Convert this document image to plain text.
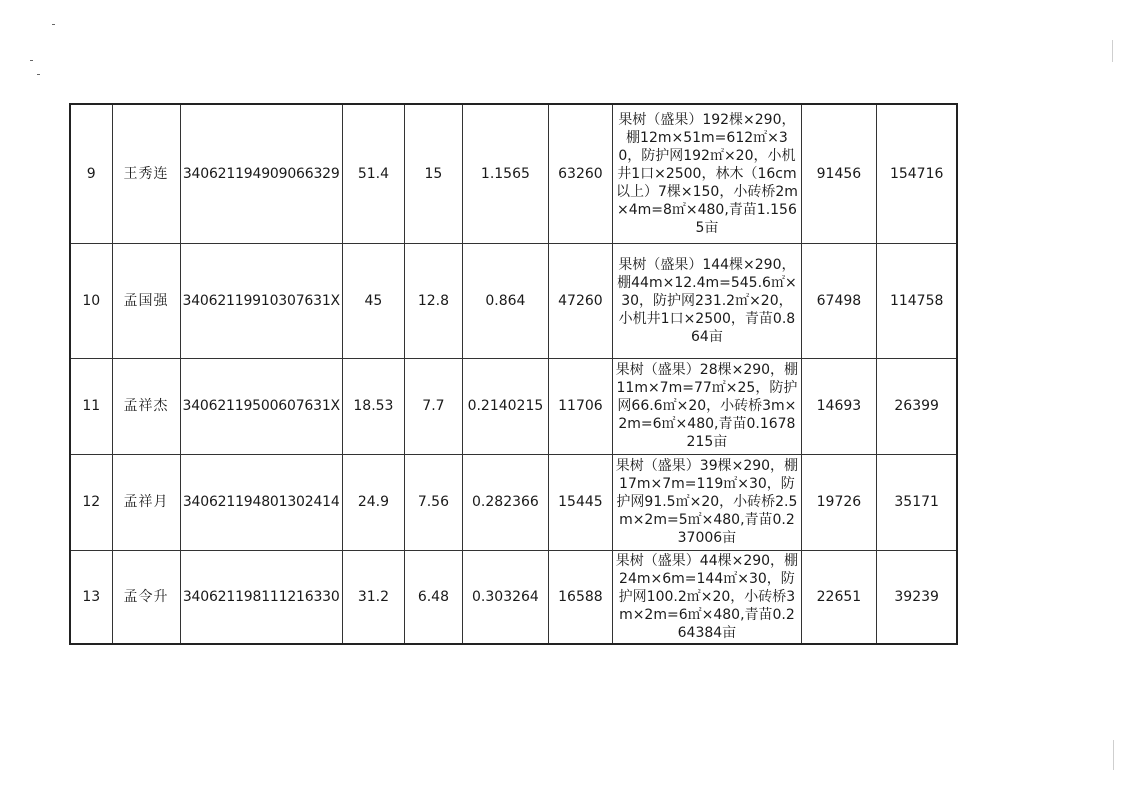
9	王秀连	340621194909066329	51.4	15	1.1565	63260	果树（盛果）192棵×290，棚12m×51m=612㎡×30，防护网192㎡×20，小机井1口×2500，林木（16cm以上）7棵×150，小砖桥2m×4m=8㎡×480,青苗1.1565亩	91456	154716
10	孟国强	34062119910307631X	45	12.8	0.864	47260	果树（盛果）144棵×290，棚44m×12.4m=545.6㎡×30，防护网231.2㎡×20，小机井1口×2500，青苗0.864亩	67498	114758
11	孟祥杰	34062119500607631X	18.53	7.7	0.2140215	11706	果树（盛果）28棵×290，棚11m×7m=77㎡×25，防护网66.6㎡×20，小砖桥3m×2m=6㎡×480,青苗0.1678215亩	14693	26399
12	孟祥月	340621194801302414	24.9	7.56	0.282366	15445	果树（盛果）39棵×290，棚17m×7m=119㎡×30，防护网91.5㎡×20，小砖桥2.5m×2m=5㎡×480,青苗0.237006亩	19726	35171
13	孟令升	340621198111216330	31.2	6.48	0.303264	16588	果树（盛果）44棵×290，棚24m×6m=144㎡×30，防护网100.2㎡×20，小砖桥3m×2m=6㎡×480,青苗0.264384亩	22651	39239
